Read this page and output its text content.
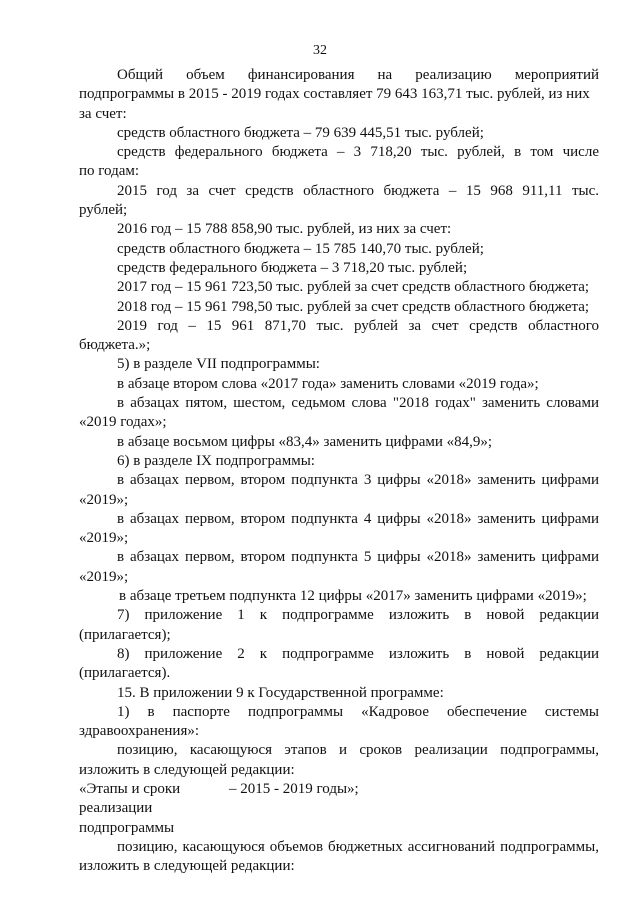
32
Общий объем финансирования на реализацию мероприятий
подпрограммы в 2015 - 2019 годах составляет 79 643 163,71 тыс. рублей, из них
за счет:
средств областного бюджета – 79 639 445,51 тыс. рублей;
средств федерального бюджета – 3 718,20 тыс. рублей, в том числе
по годам:
2015 год за счет средств областного бюджета – 15 968 911,11 тыс.
рублей;
2016 год – 15 788 858,90 тыс. рублей, из них за счет:
средств областного бюджета – 15 785 140,70 тыс. рублей;
средств федерального бюджета – 3 718,20 тыс. рублей;
2017 год – 15 961 723,50 тыс. рублей за счет средств областного бюджета;
2018 год – 15 961 798,50 тыс. рублей за счет средств областного бюджета;
2019 год – 15 961 871,70 тыс. рублей за счет средств областного
бюджета.»;
5) в разделе VII подпрограммы:
в абзаце втором слова «2017 года» заменить словами «2019 года»;
в абзацах пятом, шестом, седьмом слова "2018 годах" заменить словами
«2019 годах»;
в абзаце восьмом цифры «83,4» заменить цифрами «84,9»;
6) в разделе IX подпрограммы:
в абзацах первом, втором подпункта 3 цифры «2018» заменить цифрами
«2019»;
в абзацах первом, втором подпункта 4 цифры «2018» заменить цифрами
«2019»;
в абзацах первом, втором подпункта 5 цифры «2018» заменить цифрами
«2019»;
в абзаце третьем подпункта 12 цифры «2017» заменить цифрами «2019»;
7) приложение 1 к подпрограмме изложить в новой редакции
(прилагается);
8) приложение 2 к подпрограмме изложить в новой редакции
(прилагается).
15. В приложении 9 к Государственной программе:
1) в паспорте подпрограммы «Кадровое обеспечение системы
здравоохранения»:
позицию, касающуюся этапов и сроков реализации подпрограммы,
изложить в следующей редакции:
«Этапы и сроки	– 2015 - 2019 годы»;
реализации
подпрограммы
позицию, касающуюся объемов бюджетных ассигнований подпрограммы,
изложить в следующей редакции:
